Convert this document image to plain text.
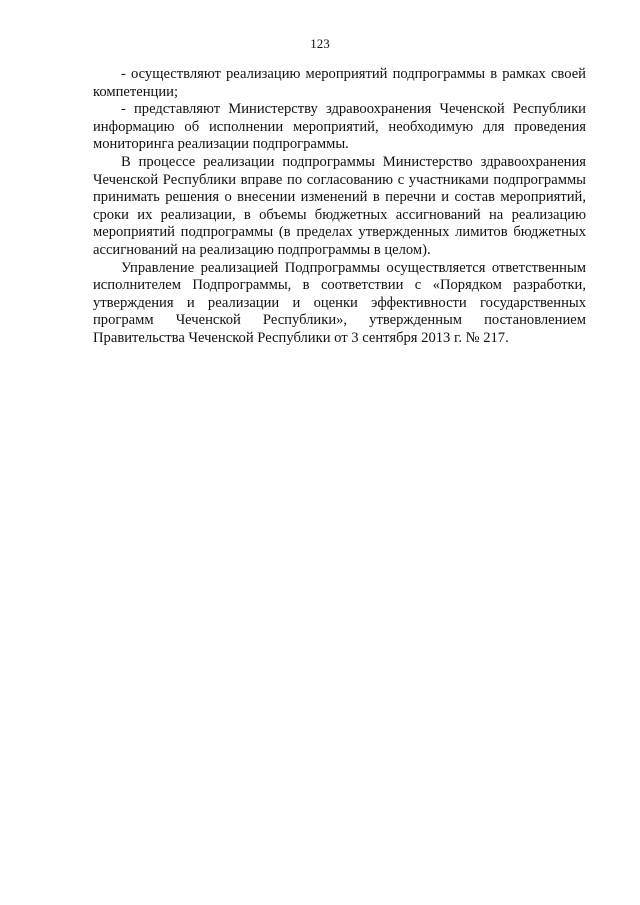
123

- осуществляют реализацию мероприятий подпрограммы в рамках своей компетенции;

- представляют Министерству здравоохранения Чеченской Республики информацию об исполнении мероприятий, необходимую для проведения мониторинга реализации подпрограммы.

В процессе реализации подпрограммы Министерство здравоохранения Чеченской Республики вправе по согласованию с участниками подпрограммы принимать решения о внесении изменений в перечни и состав мероприятий, сроки их реализации, в объемы бюджетных ассигнований на реализацию мероприятий подпрограммы (в пределах утвержденных лимитов бюджетных ассигнований на реализацию подпрограммы в целом).

Управление реализацией Подпрограммы осуществляется ответственным исполнителем Подпрограммы, в соответствии с «Порядком разработки, утверждения и реализации и оценки эффективности государственных программ Чеченской Республики», утвержденным постановлением Правительства Чеченской Республики от 3 сентября 2013 г. № 217.
